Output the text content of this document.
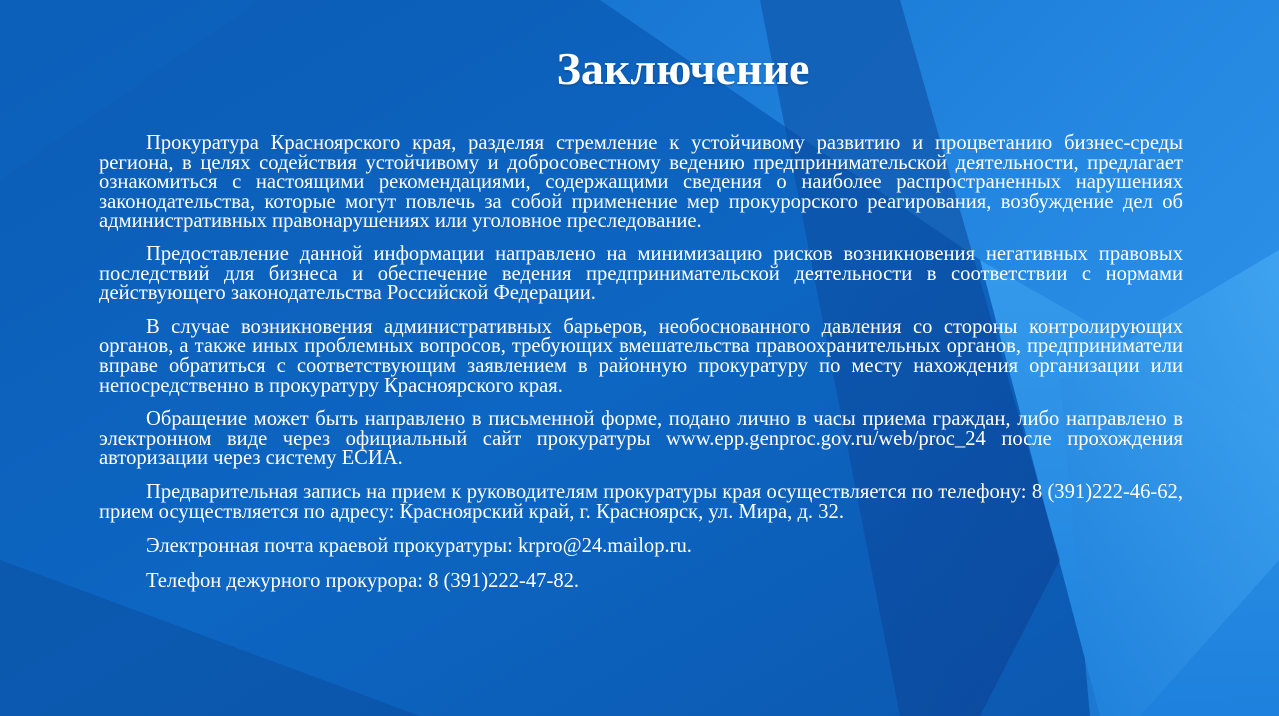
Заключение

Прокуратура Красноярского края, разделяя стремление к устойчивому развитию и процветанию бизнес-среды региона, в целях содействия устойчивому и добросовестному ведению предпринимательской деятельности, предлагает ознакомиться с настоящими рекомендациями, содержащими сведения о наиболее распространенных нарушениях законодательства, которые могут повлечь за собой применение мер прокурорского реагирования, возбуждение дел об административных правонарушениях или уголовное преследование.

Предоставление данной информации направлено на минимизацию рисков возникновения негативных правовых последствий для бизнеса и обеспечение ведения предпринимательской деятельности в соответствии с нормами действующего законодательства Российской Федерации.

В случае возникновения административных барьеров, необоснованного давления со стороны контролирующих органов, а также иных проблемных вопросов, требующих вмешательства правоохранительных органов, предприниматели вправе обратиться с соответствующим заявлением в районную прокуратуру по месту нахождения организации или непосредственно в прокуратуру Красноярского края.

Обращение может быть направлено в письменной форме, подано лично в часы приема граждан, либо направлено в электронном виде через официальный сайт прокуратуры www.epp.genproc.gov.ru/web/proc_24 после прохождения авторизации через систему ЕСИА.

Предварительная запись на прием к руководителям прокуратуры края осуществляется по телефону: 8 (391)222-46-62, прием осуществляется по адресу: Красноярский край, г. Красноярск, ул. Мира, д. 32.

Электронная почта краевой прокуратуры: krpro@24.mailop.ru.

Телефон дежурного прокурора: 8 (391)222-47-82.
